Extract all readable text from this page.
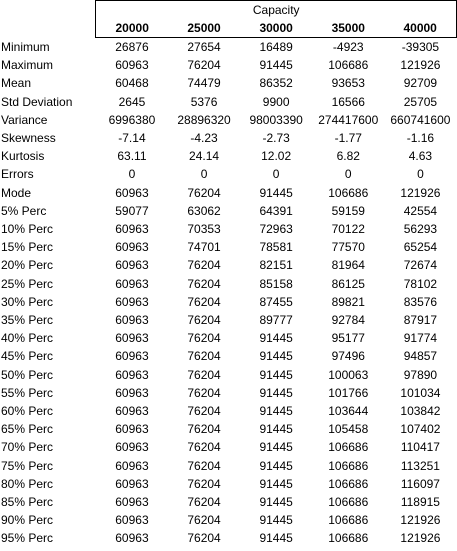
	Capacity				
	20000	25000	30000	35000	40000
Minimum	26876	27654	16489	-4923	-39305
Maximum	60963	76204	91445	106686	121926
Mean	60468	74479	86352	93653	92709
Std Deviation	2645	5376	9900	16566	25705
Variance	6996380	28896320	98003390	274417600	660741600
Skewness	-7.14	-4.23	-2.73	-1.77	-1.16
Kurtosis	63.11	24.14	12.02	6.82	4.63
Errors	0	0	0	0	0
Mode	60963	76204	91445	106686	121926
5% Perc	59077	63062	64391	59159	42554
10% Perc	60963	70353	72963	70122	56293
15% Perc	60963	74701	78581	77570	65254
20% Perc	60963	76204	82151	81964	72674
25% Perc	60963	76204	85158	86125	78102
30% Perc	60963	76204	87455	89821	83576
35% Perc	60963	76204	89777	92784	87917
40% Perc	60963	76204	91445	95177	91774
45% Perc	60963	76204	91445	97496	94857
50% Perc	60963	76204	91445	100063	97890
55% Perc	60963	76204	91445	101766	101034
60% Perc	60963	76204	91445	103644	103842
65% Perc	60963	76204	91445	105458	107402
70% Perc	60963	76204	91445	106686	110417
75% Perc	60963	76204	91445	106686	113251
80% Perc	60963	76204	91445	106686	116097
85% Perc	60963	76204	91445	106686	118915
90% Perc	60963	76204	91445	106686	121926
95% Perc	60963	76204	91445	106686	121926
